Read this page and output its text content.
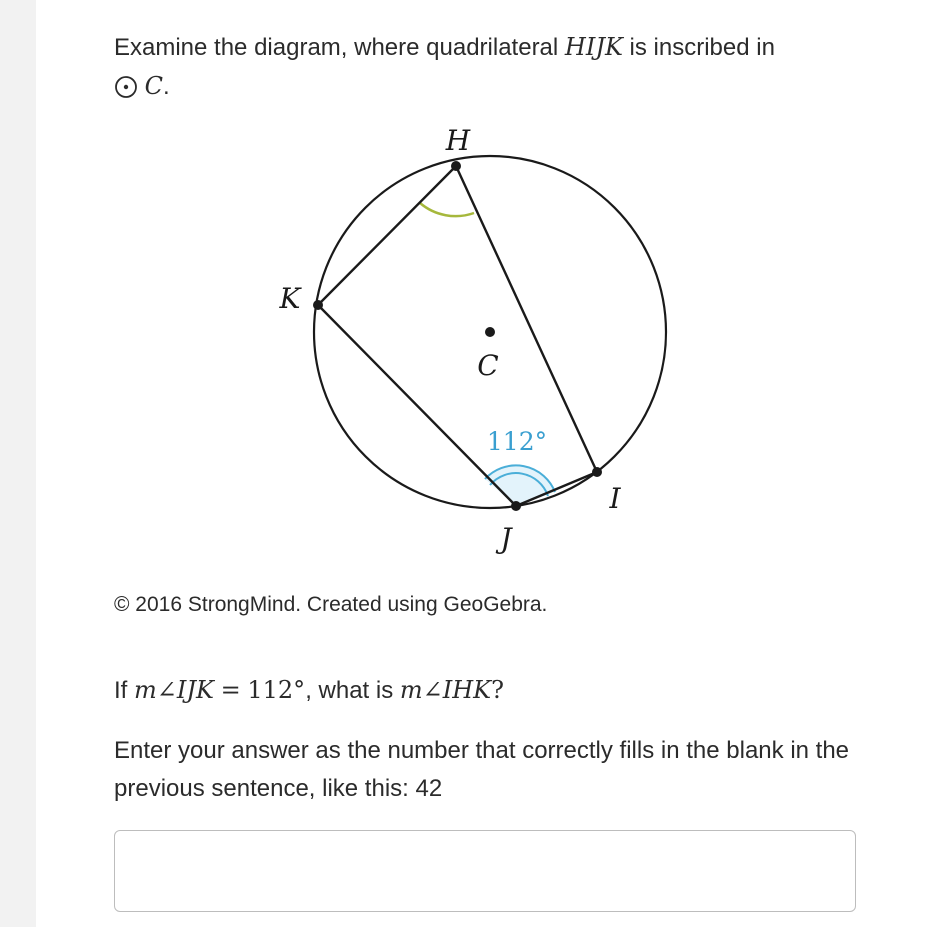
Examine the diagram, where quadrilateral HIJK is inscribed in
C.
H
I
J
K
C
112°
© 2016 StrongMind. Created using GeoGebra.
If m∠IJK = 112°, what is m∠IHK?
Enter your answer as the number that correctly fills in the blank in the previous sentence, like this: 42
